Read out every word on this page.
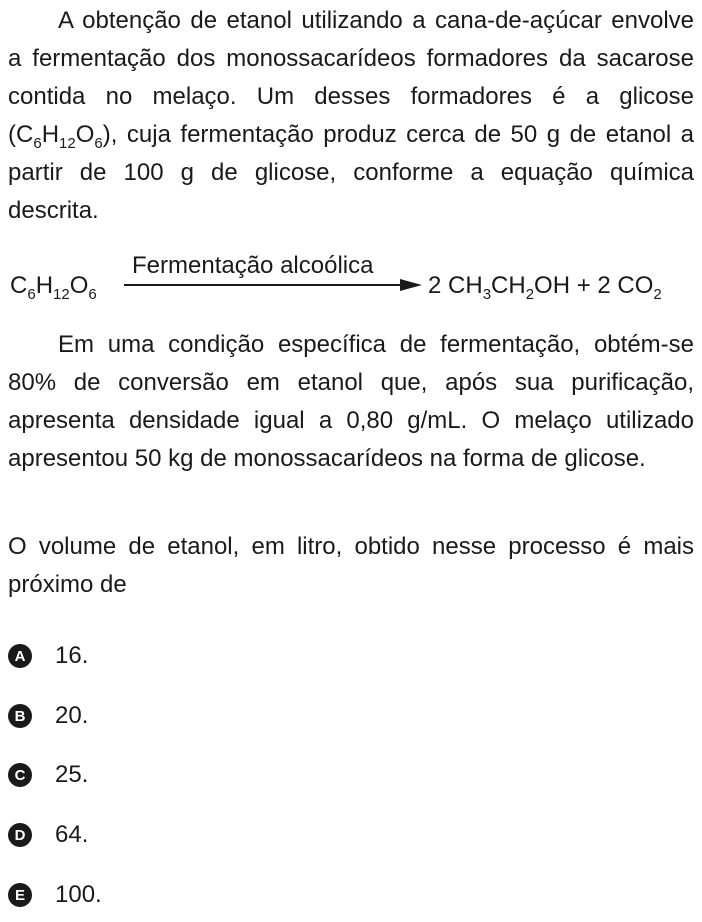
A obtenção de etanol utilizando a cana-de-açúcar envolve a fermentação dos monossacarídeos formadores da sacarose contida no melaço. Um desses formadores é a glicose $(C_6H_{12}O_6)$, cuja fermentação produz cerca de 50 g de etanol a partir de 100 g de glicose, conforme a equação química descrita.

$C_6H_{12}O_6$
Fermentação alcoólica
2 $CH_3CH_2OH + 2$ $CO_2$

Em uma condição específica de fermentação, obtém-se 80% de conversão em etanol que, após sua purificação, apresenta densidade igual a 0,80 g/mL. O melaço utilizado apresentou 50 kg de monossacarídeos na forma de glicose.

O volume de etanol, em litro, obtido nesse processo é mais próximo de

A 16.
B 20.
C 25.
D 64.
E 100.
